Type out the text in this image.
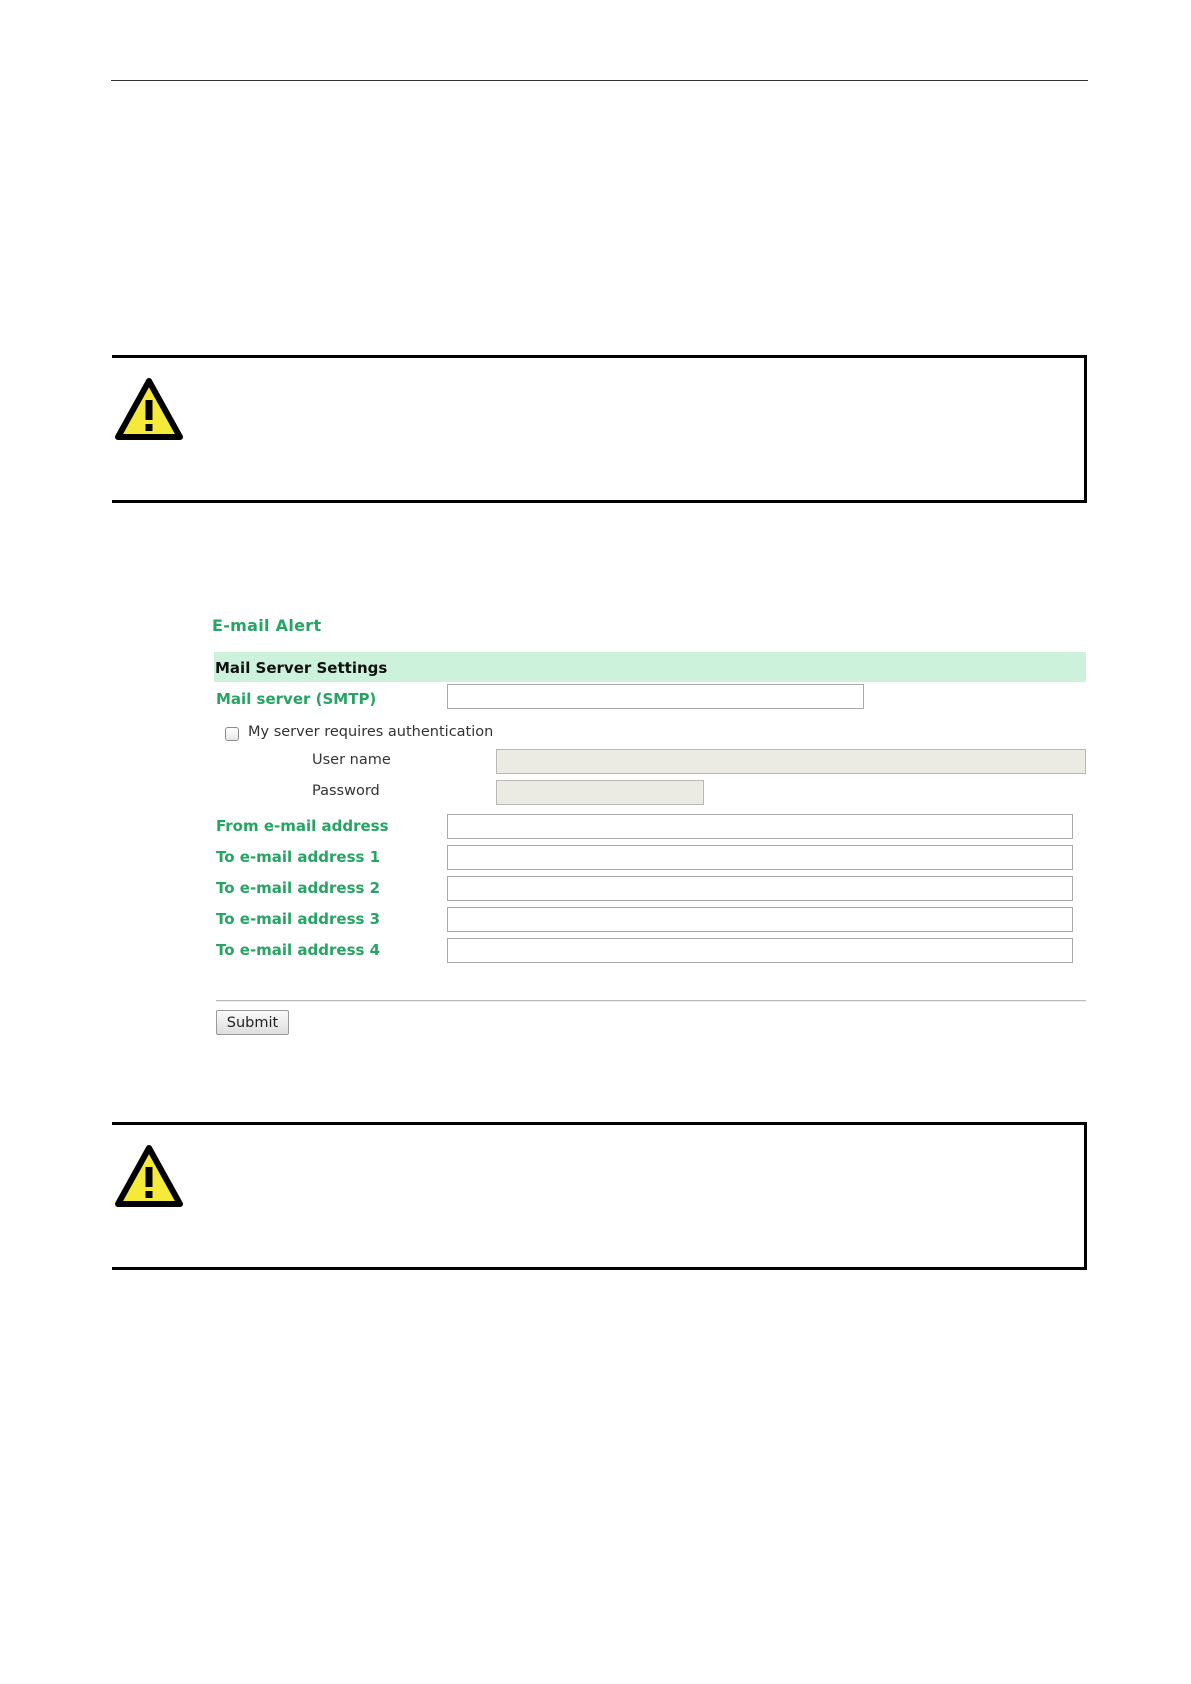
E-mail Alert
Mail Server Settings
Mail server (SMTP)
My server requires authentication
User name
Password
From e-mail address
To e-mail address 1
To e-mail address 2
To e-mail address 3
To e-mail address 4
Submit
